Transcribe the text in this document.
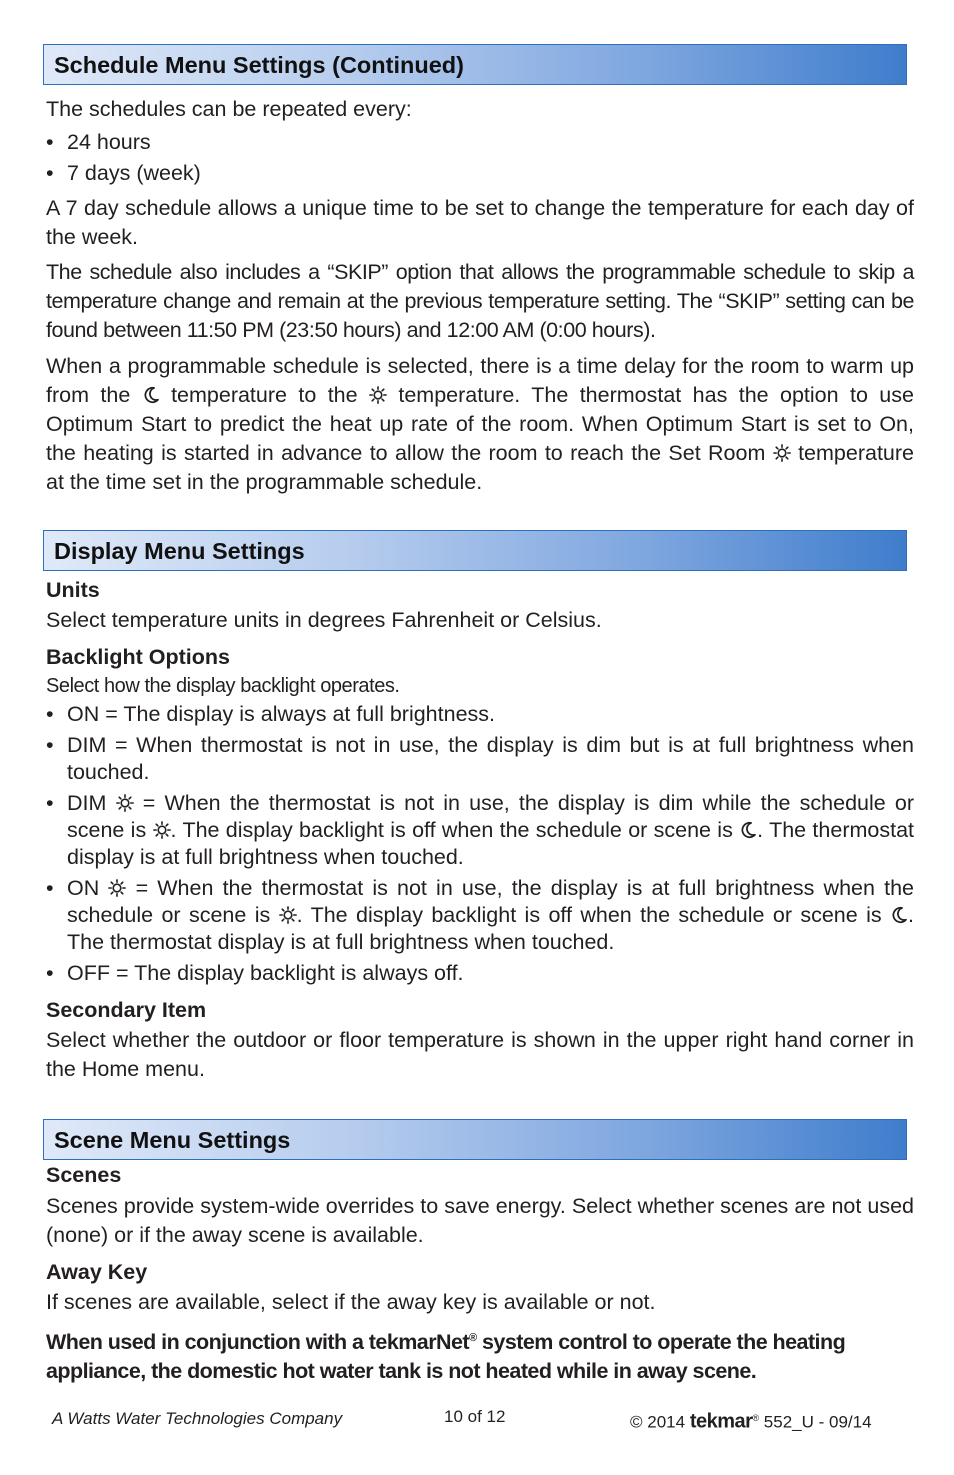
Schedule Menu Settings (Continued)

The schedules can be repeated every:

• 24 hours
• 7 days (week)

A 7 day schedule allows a unique time to be set to change the temperature for each day of the week.

The schedule also includes a “SKIP” option that allows the programmable schedule to skip a temperature change and remain at the previous temperature setting. The “SKIP” setting can be found between 11:50 PM (23:50 hours) and 12:00 AM (0:00 hours).

When a programmable schedule is selected, there is a time delay for the room to warm up from the temperature to the temperature. The thermostat has the option to use Optimum Start to predict the heat up rate of the room. When Optimum Start is set to On, the heating is started in advance to allow the room to reach the Set Room temperature at the time set in the programmable schedule.

Display Menu Settings

Units

Select temperature units in degrees Fahrenheit or Celsius.

Backlight Options

Select how the display backlight operates.

• ON = The display is always at full brightness.
• DIM = When thermostat is not in use, the display is dim but is at full brightness when touched.
• DIM = When the thermostat is not in use, the display is dim while the schedule or scene is . The display backlight is off when the schedule or scene is . The thermostat display is at full brightness when touched.
• ON = When the thermostat is not in use, the display is at full brightness when the schedule or scene is . The display backlight is off when the schedule or scene is . The thermostat display is at full brightness when touched.
• OFF = The display backlight is always off.

Secondary Item

Select whether the outdoor or floor temperature is shown in the upper right hand corner in the Home menu.

Scene Menu Settings

Scenes

Scenes provide system-wide overrides to save energy. Select whether scenes are not used (none) or if the away scene is available.

Away Key

If scenes are available, select if the away key is available or not.

When used in conjunction with a tekmarNet® system control to operate the heating appliance, the domestic hot water tank is not heated while in away scene.

A Watts Water Technologies Company	10 of 12	© 2014 tekmar® 552_U - 09/14
